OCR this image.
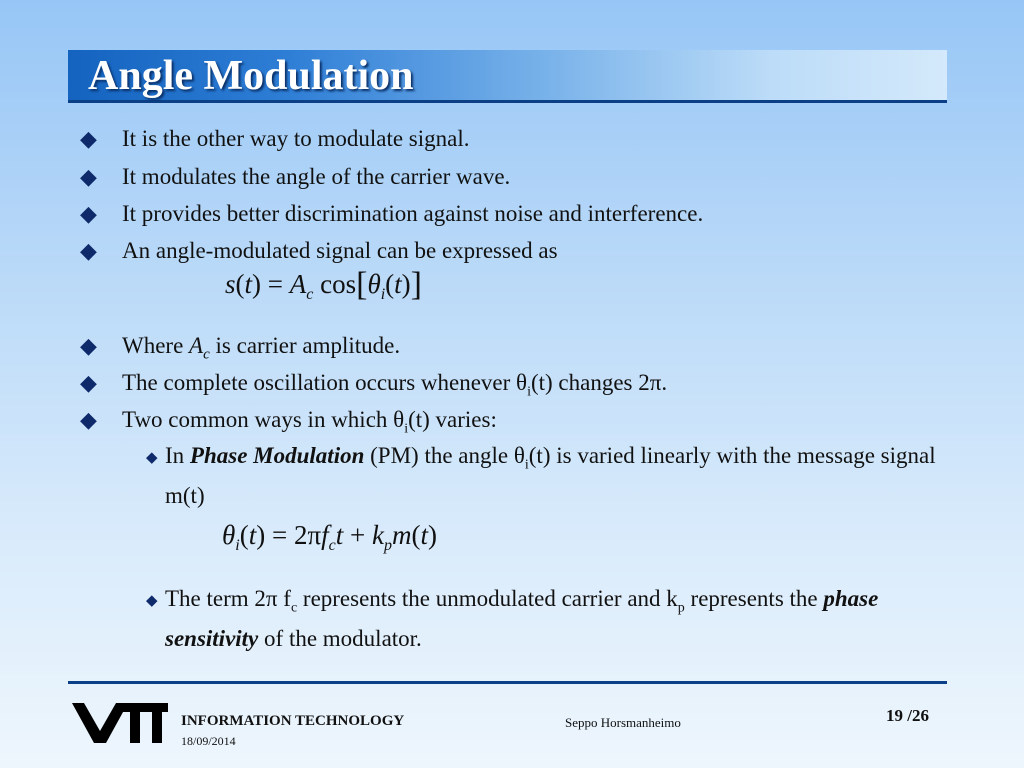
Angle Modulation
◆ It is the other way to modulate signal.
◆ It modulates the angle of the carrier wave.
◆ It provides better discrimination against noise and interference.
◆ An angle-modulated signal can be expressed as
$s(t) = A_c$ $\cos[\theta_i(t)]$
◆ Where $A_c$ is carrier amplitude.
◆ The complete oscillation occurs whenever $\theta_i(t)$ changes 2π.
◆ Two common ways in which $\theta_i(t)$ varies:
◆ In Phase Modulation (PM) the angle $\theta_i(t)$ is varied linearly with the message signal m(t)
$\theta_i(t) = 2\pi f_ct + k_pm(t)$
◆ The term 2π $f_c$ represents the unmodulated carrier and $k_p$ represents the phase sensitivity of the modulator.
INFORMATION TECHNOLOGY
18/09/2014
Seppo Horsmanheimo	19 /26
